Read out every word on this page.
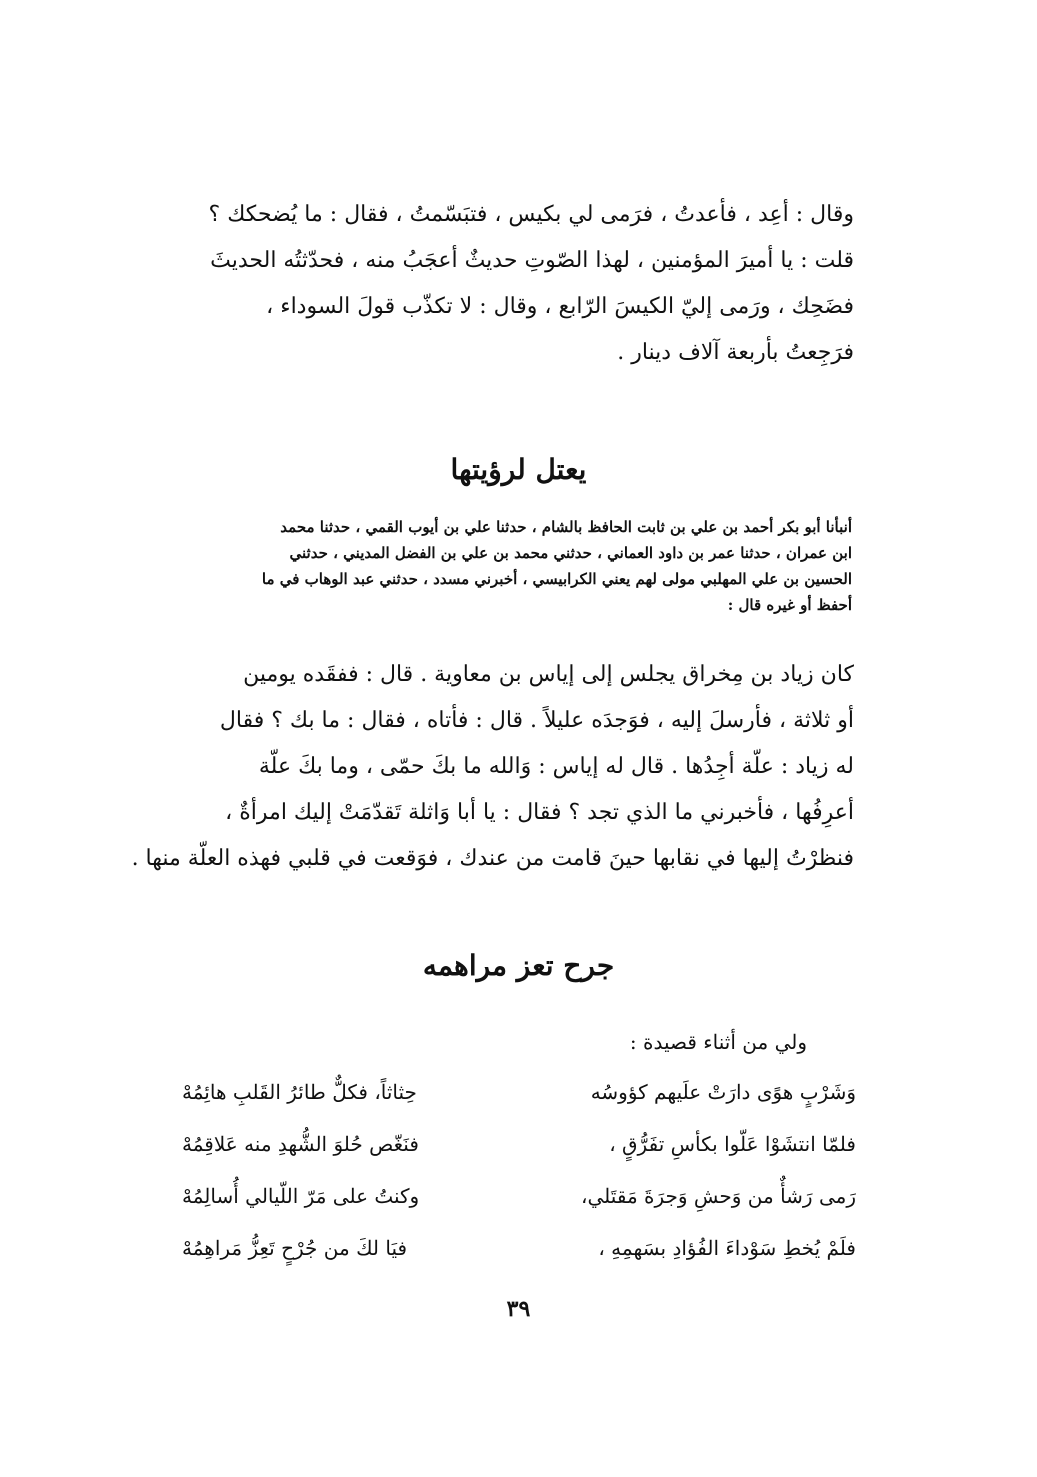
وقال : أعِد ، فأعدتُ ، فرَمى لي بكيس ، فتبَسّمتُ ، فقال : ما يُضحكك ؟
قلت : يا أميرَ المؤمنين ، لهذا الصّوتِ حديثٌ أعجَبُ منه ، فحدّثتُه الحديثَ
فضَحِك ، ورَمى إليّ الكيسَ الرّابع ، وقال : لا تكذّب قولَ السوداء ،
فرَجِعتُ بأربعة آلاف دينار .
يعتل لرؤيتها
أنبأنا أبو بكر أحمد بن علي بن ثابت الحافظ بالشام ، حدثنا علي بن أيوب القمي ، حدثنا محمد
ابن عمران ، حدثنا عمر بن داود العماني ، حدثني محمد بن علي بن الفضل المديني ، حدثني
الحسين بن علي المهلبي مولى لهم يعني الكرابيسي ، أخبرني مسدد ، حدثني عبد الوهاب في ما
أحفظ أو غيره قال :
كان زياد بن مِخراق يجلس إلى إياس بن معاوية . قال : ففقَده يومين
أو ثلاثة ، فأرسلَ إليه ، فوَجدَه عليلاً . قال : فأتاه ، فقال : ما بك ؟ فقال
له زياد : علّة أجِدُها . قال له إياس : وَالله ما بكَ حمّى ، وما بكَ علّة
أعرِفُها ، فأخبرني ما الذي تجد ؟ فقال : يا أبا وَاثلة تَقدّمَتْ إليك امرأةٌ ،
فنظرْتُ إليها في نقابها حينَ قامت من عندك ، فوَقعت في قلبي فهذه العلّة منها .
جرح تعز مراهمه
ولي من أثناء قصيدة :
وَشَرْبٍ هوًى دارَتْ علَيهم كؤوسُه
حِثاثاً، فكلٌّ طائرُ القَلبِ هائِمُهْ
فلمّا انتشَوْا عَلّوا بكأسِ تفَرُّقٍ ،
فنَغّص حُلوَ الشُّهدِ منه عَلاقِمُهْ
رَمى رَشأٌ من وَحشِ وَجرَةَ مَقتَلي،
وكنتُ على مَرّ اللّيالي أُسالِمُهْ
فلَمْ يُخطِ سَوْداءَ الفُؤادِ بسَهمِهِ ،
فيَا لكَ من جُرْحٍ تَعِزُّ مَراهِمُهْ
٣٩
